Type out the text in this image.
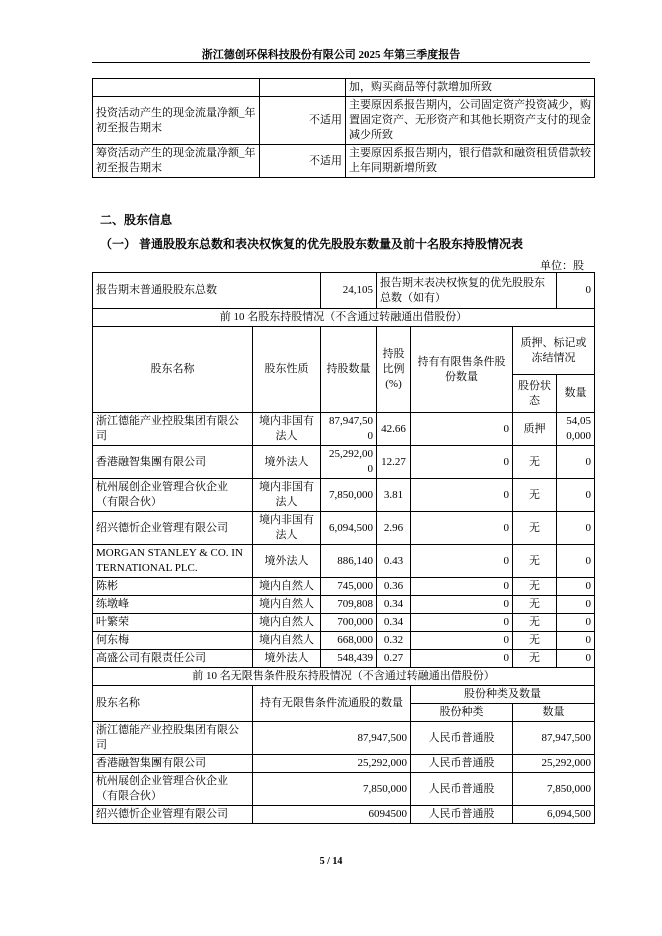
浙江德创环保科技股份有限公司 2025 年第三季度报告
		加，购买商品等付款增加所致
投资活动产生的现金流量净额_年初至报告期末	不适用	主要原因系报告期内，公司固定资产投资减少，购置固定资产、无形资产和其他长期资产支付的现金减少所致
筹资活动产生的现金流量净额_年初至报告期末	不适用	主要原因系报告期内，银行借款和融资租赁借款较上年同期新增所致
二、股东信息
（一） 普通股股东总数和表决权恢复的优先股股东数量及前十名股东持股情况表
单位：股
报告期末普通股股东总数		24,105	报告期末表决权恢复的优先股股东总数（如有）			0
前 10 名股东持股情况（不含通过转融通出借股份）						
股东名称	股东性质	持股数量	持股比例(%)	持有有限售条件股份数量	质押、标记或冻结情况	
					股份状态	数量
浙江德能产业控股集团有限公司	境内非国有法人	87,947,500	42.66	0	质押	54,050,000
香港融智集團有限公司	境外法人	25,292,000	12.27	0	无	0
杭州展创企业管理合伙企业（有限合伙）	境内非国有法人	7,850,000	3.81	0	无	0
绍兴德忻企业管理有限公司	境内非国有法人	6,094,500	2.96	0	无	0
MORGAN STANLEY & CO. INTERNATIONAL PLC.	境外法人	886,140	0.43	0	无	0
陈彬	境内自然人	745,000	0.36	0	无	0
练墩峰	境内自然人	709,808	0.34	0	无	0
叶繁荣	境内自然人	700,000	0.34	0	无	0
何东梅	境内自然人	668,000	0.32	0	无	0
高盛公司有限责任公司	境外法人	548,439	0.27	0	无	0
前 10 名无限售条件股东持股情况（不含通过转融通出借股份）						
股东名称	持有无限售条件流通股的数量			股份种类及数量		
				股份种类	数量	
浙江德能产业控股集团有限公司	87,947,500			人民币普通股	87,947,500	
香港融智集團有限公司	25,292,000			人民币普通股	25,292,000	
杭州展创企业管理合伙企业（有限合伙）	7,850,000			人民币普通股	7,850,000	
绍兴德忻企业管理有限公司	6094500			人民币普通股	6,094,500	
5 / 14
